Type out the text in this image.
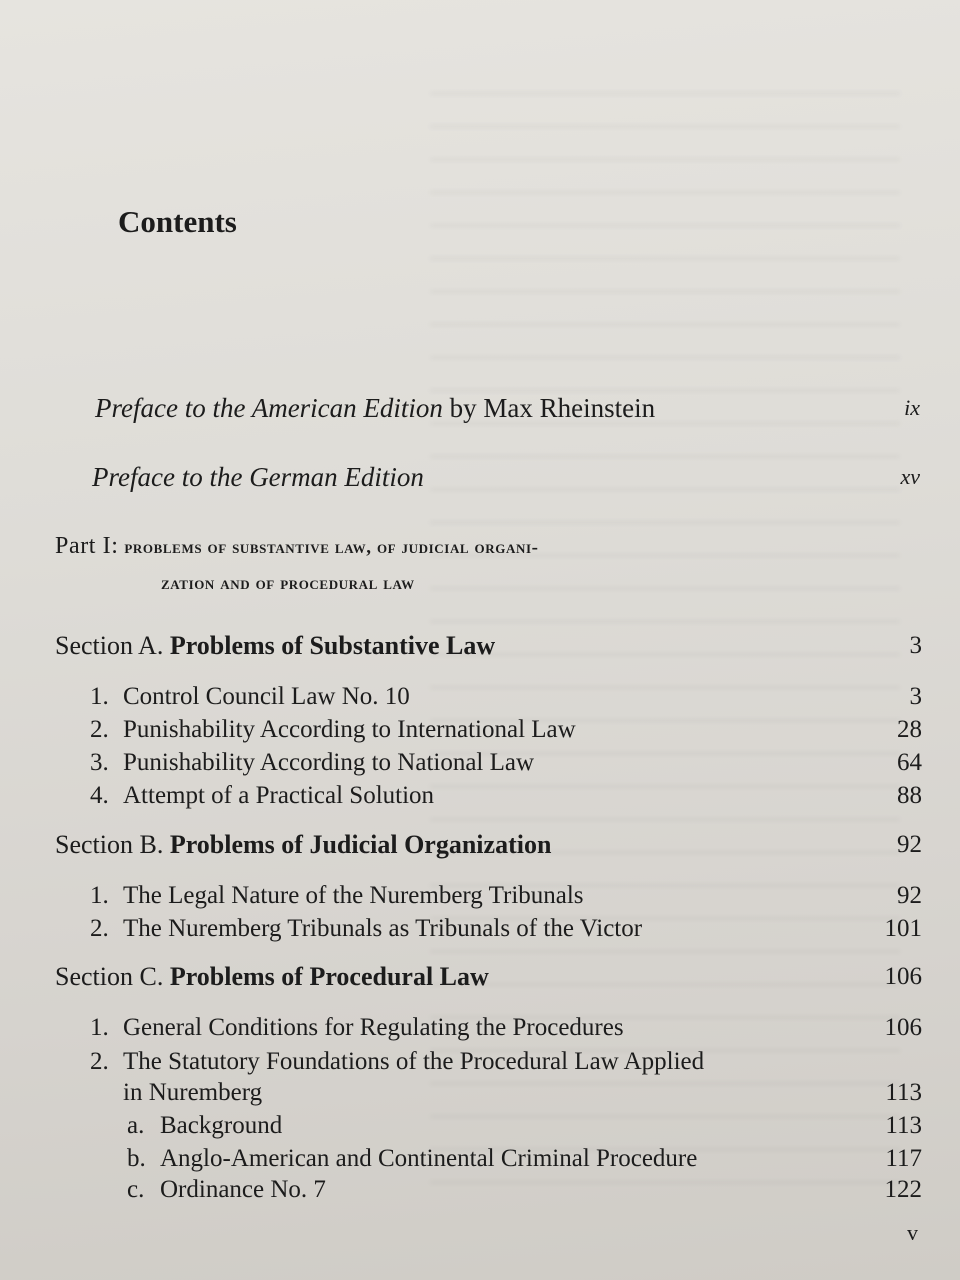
Contents
Preface to the American Edition by Max Rheinstein	ix
Preface to the German Edition	xv
Part I: problems of substantive law, of judicial organi-
zation and of procedural law
Section A. Problems of Substantive Law	3
1. Control Council Law No. 10	3
2. Punishability According to International Law	28
3. Punishability According to National Law	64
4. Attempt of a Practical Solution	88
Section B. Problems of Judicial Organization	92
1. The Legal Nature of the Nuremberg Tribunals	92
2. The Nuremberg Tribunals as Tribunals of the Victor	101
Section C. Problems of Procedural Law	106
1. General Conditions for Regulating the Procedures	106
2. The Statutory Foundations of the Procedural Law Applied
in Nuremberg	113
a. Background	113
b. Anglo-American and Continental Criminal Procedure	117
c. Ordinance No. 7	122
v
